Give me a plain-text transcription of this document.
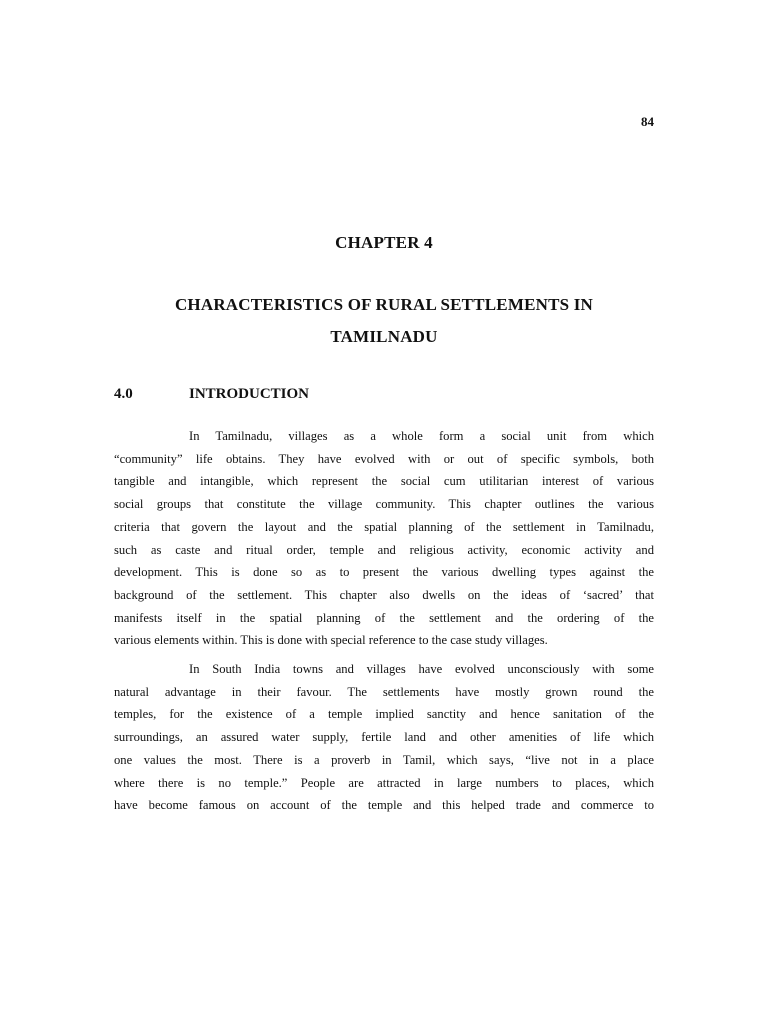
84
CHAPTER 4
CHARACTERISTICS OF RURAL SETTLEMENTS IN
TAMILNADU
4.0	INTRODUCTION
In Tamilnadu, villages as a whole form a social unit from which
“community” life obtains. They have evolved with or out of specific symbols, both
tangible and intangible, which represent the social cum utilitarian interest of various
social groups that constitute the village community. This chapter outlines the various
criteria that govern the layout and the spatial planning of the settlement in Tamilnadu,
such as caste and ritual order, temple and religious activity, economic activity and
development. This is done so as to present the various dwelling types against the
background of the settlement. This chapter also dwells on the ideas of ‘sacred’ that
manifests itself in the spatial planning of the settlement and the ordering of the
various elements within. This is done with special reference to the case study villages.
In South India towns and villages have evolved unconsciously with some
natural advantage in their favour. The settlements have mostly grown round the
temples, for the existence of a temple implied sanctity and hence sanitation of the
surroundings, an assured water supply, fertile land and other amenities of life which
one values the most. There is a proverb in Tamil, which says, “live not in a place
where there is no temple.” People are attracted in large numbers to places, which
have become famous on account of the temple and this helped trade and commerce to
